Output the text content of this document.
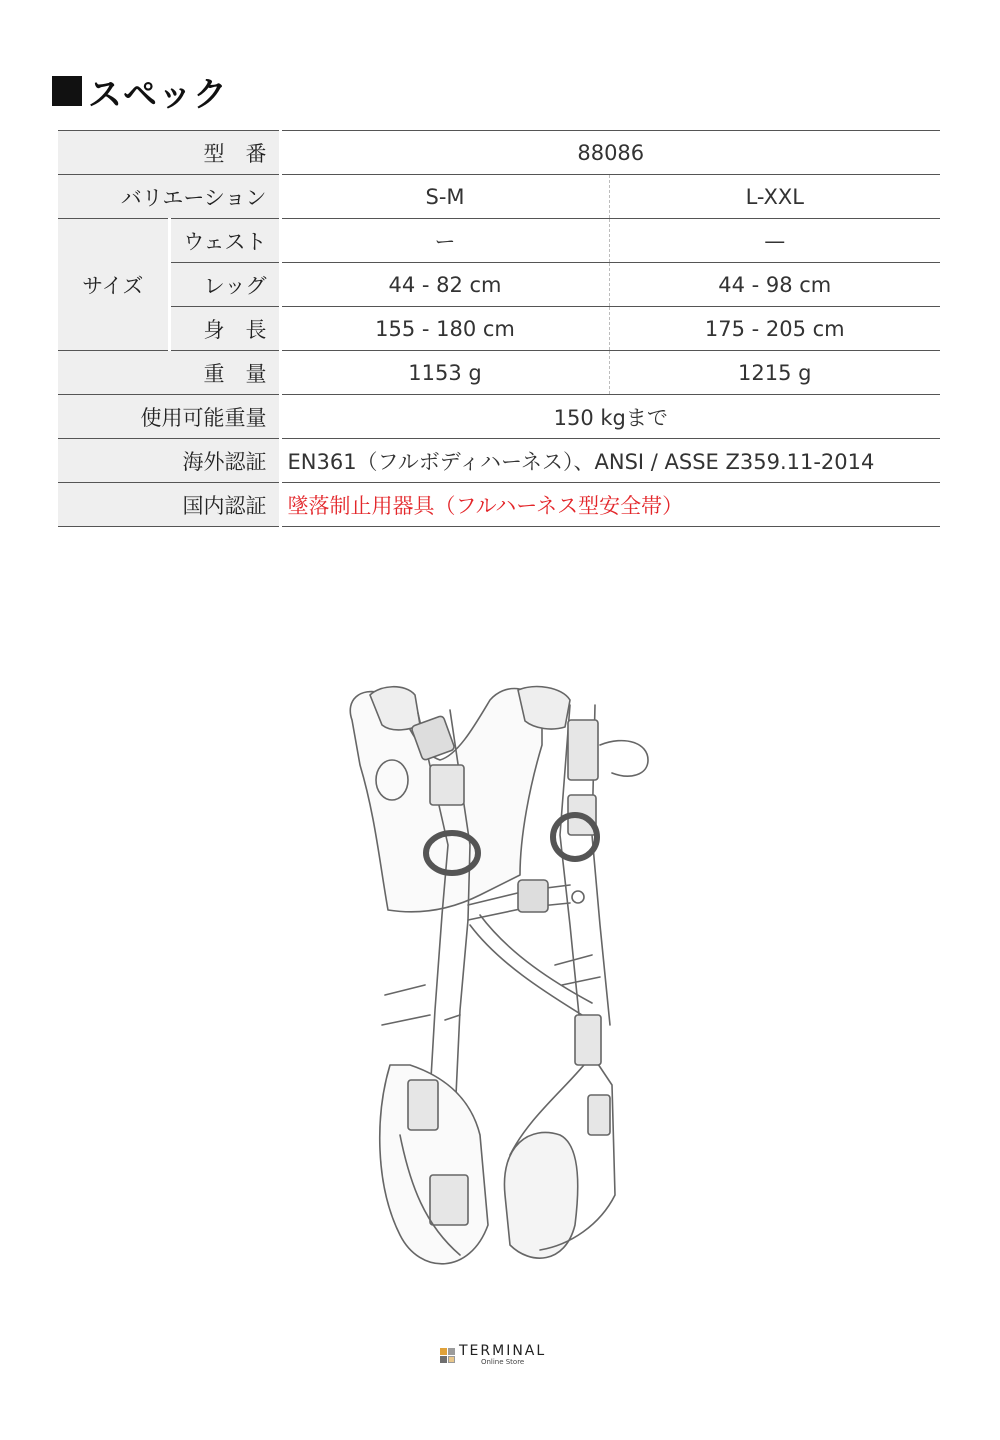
スペック
型　番		88086	
バリエーション		S-M	L-XXL
サイズ	ウェスト	ー	—
	レッグ	44 - 82 cm	44 - 98 cm
	身　長	155 - 180 cm	175 - 205 cm
重　量		1153 g	1215 g
使用可能重量		150 kgまで	
海外認証		EN361（フルボディハーネス）、ANSI / ASSE Z359.11-2014	
国内認証		墜落制止用器具（フルハーネス型安全帯）	
TERMINAL
Online Store
